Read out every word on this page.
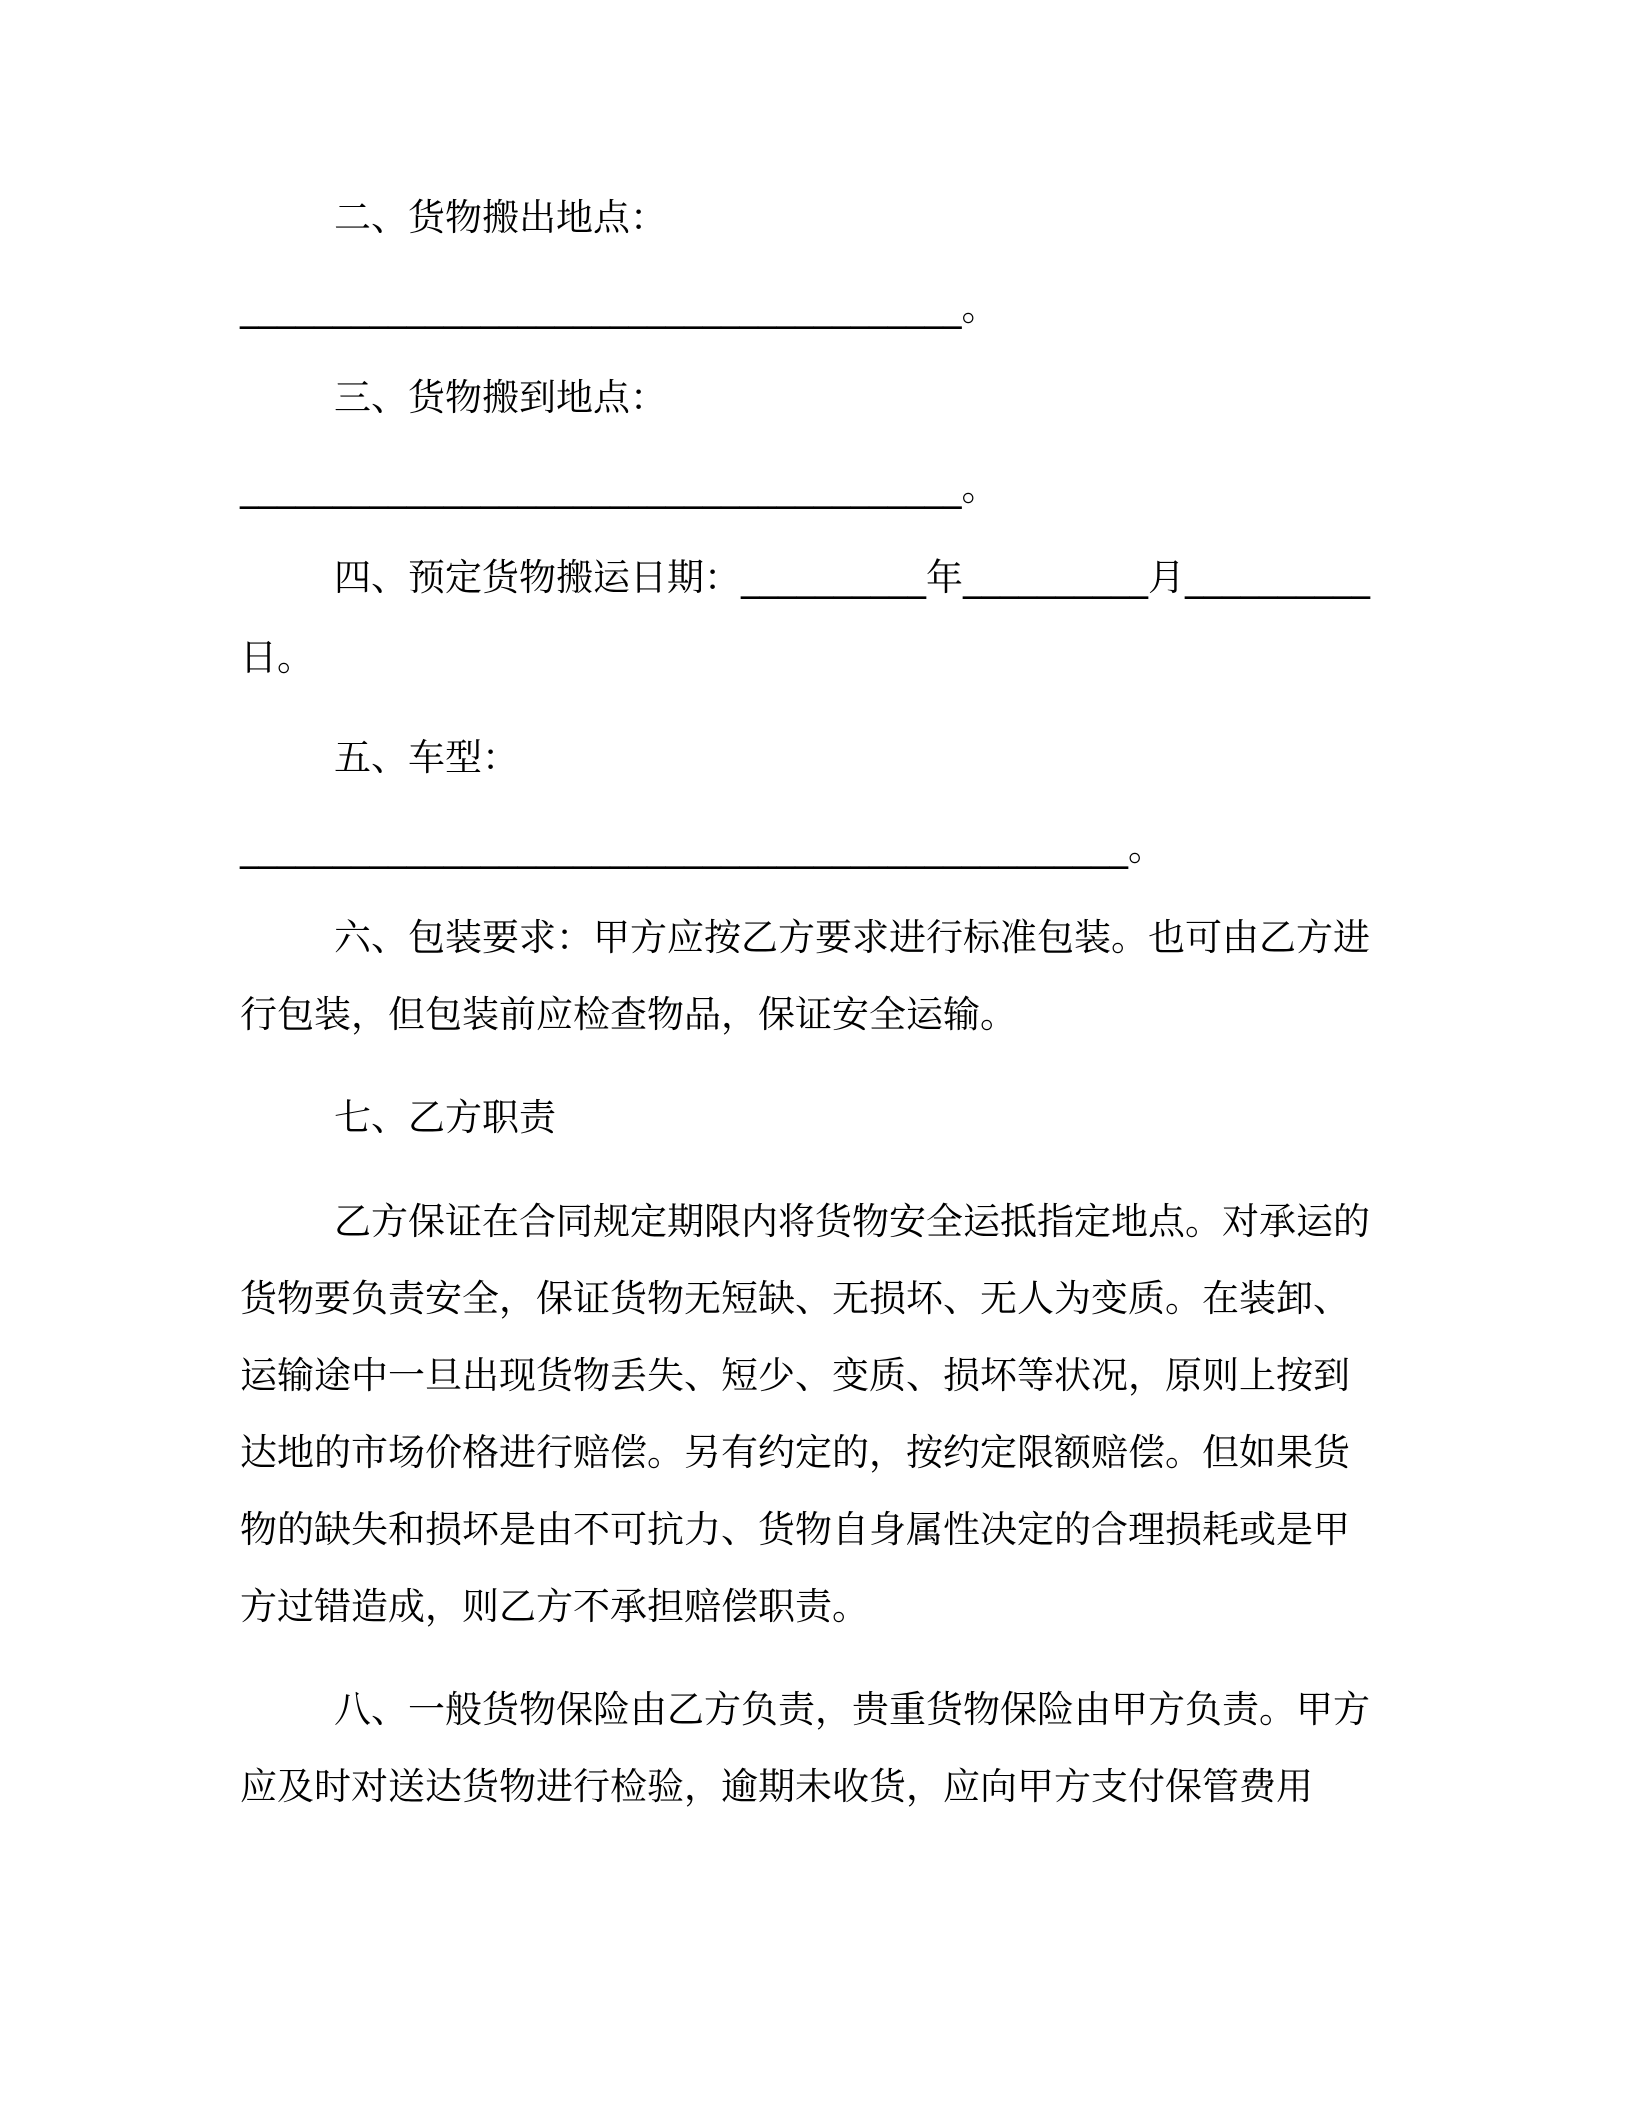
二、货物搬出地点：
_______________________________________。
三、货物搬到地点：
_______________________________________。
四、预定货物搬运日期：__________年__________月__________
日。
五、车型：
________________________________________________。
六、包装要求：甲方应按乙方要求进行标准包装。也可由乙方进
行包装，但包装前应检查物品，保证安全运输。
七、乙方职责
乙方保证在合同规定期限内将货物安全运抵指定地点。对承运的
货物要负责安全，保证货物无短缺、无损坏、无人为变质。在装卸、
运输途中一旦出现货物丢失、短少、变质、损坏等状况，原则上按到
达地的市场价格进行赔偿。另有约定的，按约定限额赔偿。但如果货
物的缺失和损坏是由不可抗力、货物自身属性决定的合理损耗或是甲
方过错造成，则乙方不承担赔偿职责。
八、一般货物保险由乙方负责，贵重货物保险由甲方负责。甲方
应及时对送达货物进行检验，逾期未收货，应向甲方支付保管费用
